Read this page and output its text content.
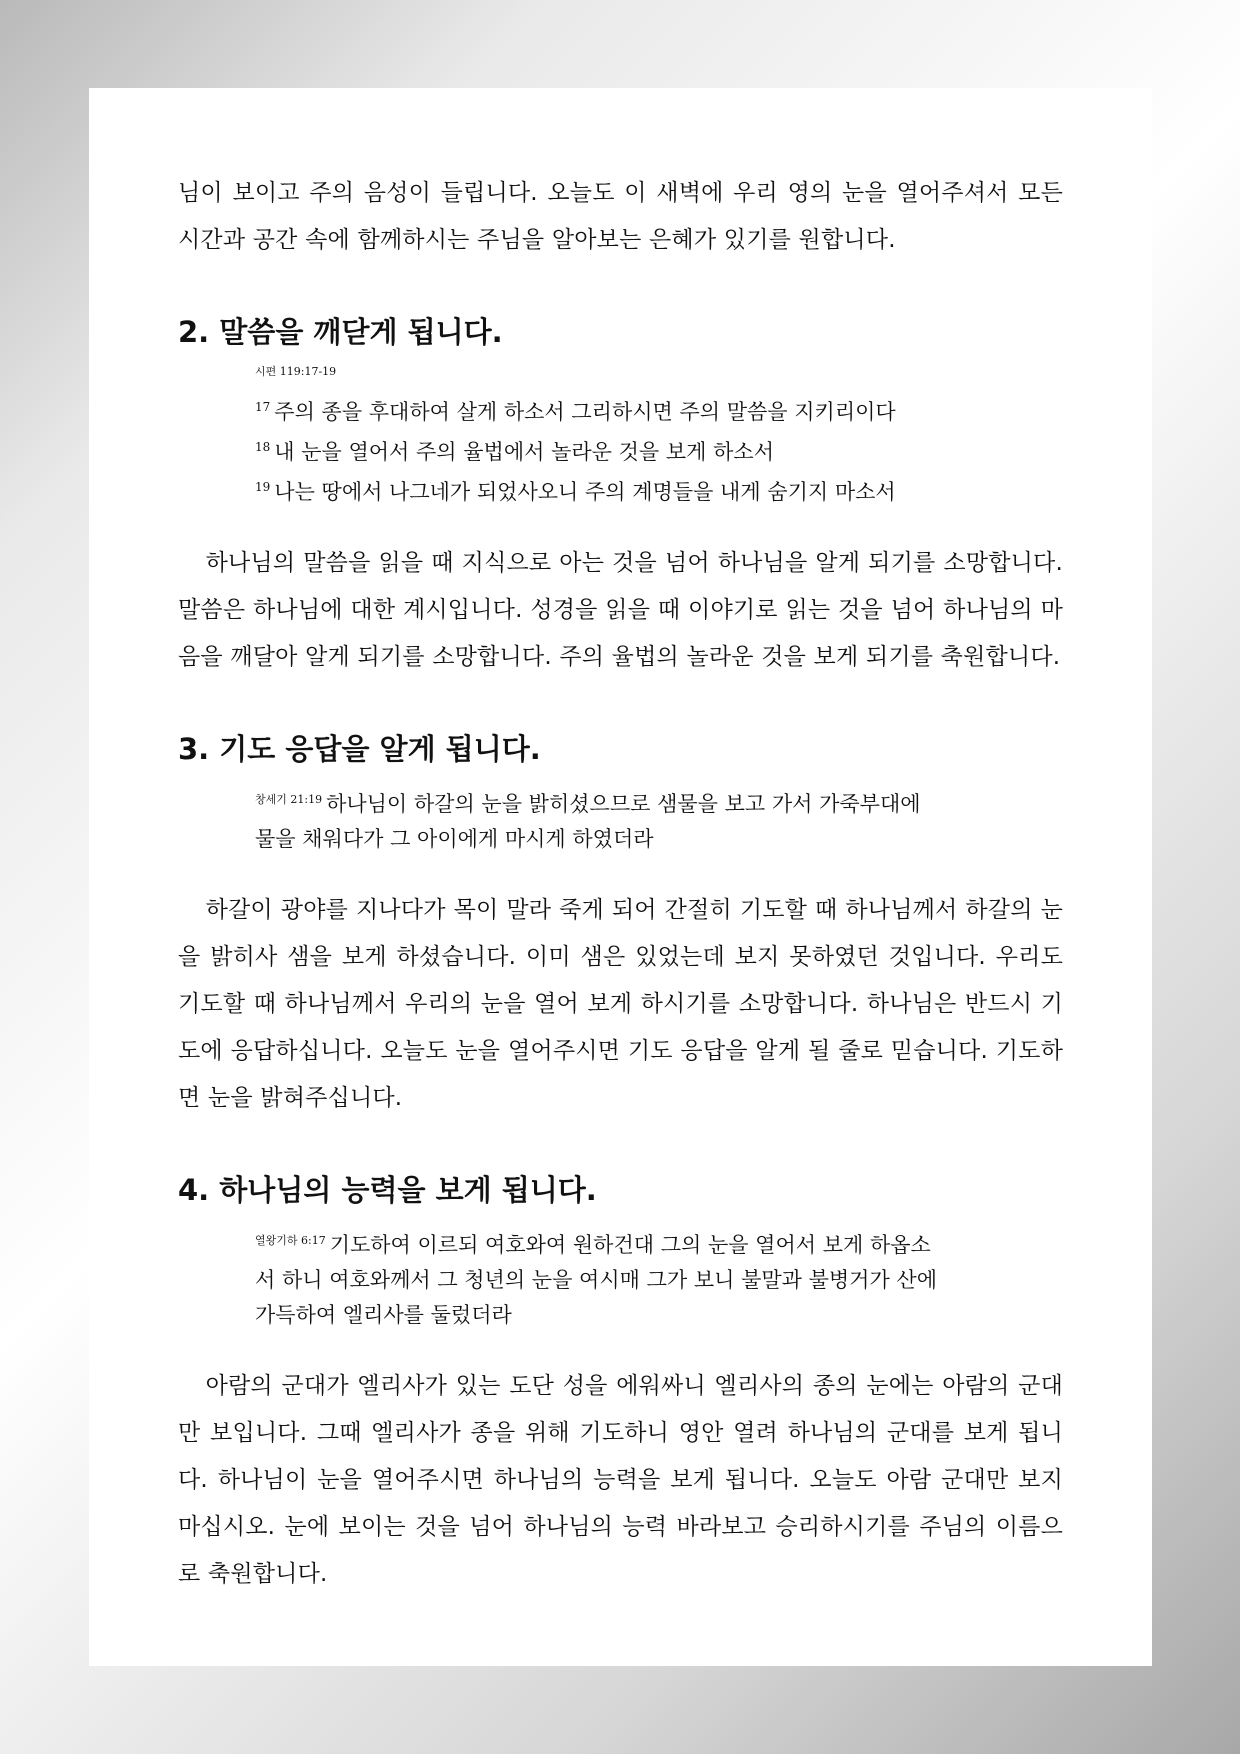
님이 보이고 주의 음성이 들립니다. 오늘도 이 새벽에 우리 영의 눈을 열어주셔서 모든 시간과 공간 속에 함께하시는 주님을 알아보는 은혜가 있기를 원합니다.

2. 말씀을 깨닫게 됩니다.
시편 119:17-19
$^{17}$ 주의 종을 후대하여 살게 하소서 그리하시면 주의 말씀을 지키리이다
$^{18}$ 내 눈을 열어서 주의 율법에서 놀라운 것을 보게 하소서
$^{19}$ 나는 땅에서 나그네가 되었사오니 주의 계명들을 내게 숨기지 마소서

하나님의 말씀을 읽을 때 지식으로 아는 것을 넘어 하나님을 알게 되기를 소망합니다. 말씀은 하나님에 대한 계시입니다. 성경을 읽을 때 이야기로 읽는 것을 넘어 하나님의 마음을 깨달아 알게 되기를 소망합니다. 주의 율법의 놀라운 것을 보게 되기를 축원합니다.

3. 기도 응답을 알게 됩니다.
$^{창세기 21:19}$ 하나님이 하갈의 눈을 밝히셨으므로 샘물을 보고 가서 가죽부대에
물을 채워다가 그 아이에게 마시게 하였더라

하갈이 광야를 지나다가 목이 말라 죽게 되어 간절히 기도할 때 하나님께서 하갈의 눈을 밝히사 샘을 보게 하셨습니다. 이미 샘은 있었는데 보지 못하였던 것입니다. 우리도 기도할 때 하나님께서 우리의 눈을 열어 보게 하시기를 소망합니다. 하나님은 반드시 기도에 응답하십니다. 오늘도 눈을 열어주시면 기도 응답을 알게 될 줄로 믿습니다. 기도하면 눈을 밝혀주십니다.

4. 하나님의 능력을 보게 됩니다.
$^{열왕기하 6:17}$ 기도하여 이르되 여호와여 원하건대 그의 눈을 열어서 보게 하옵소
서 하니 여호와께서 그 청년의 눈을 여시매 그가 보니 불말과 불병거가 산에
가득하여 엘리사를 둘렀더라

아람의 군대가 엘리사가 있는 도단 성을 에워싸니 엘리사의 종의 눈에는 아람의 군대만 보입니다. 그때 엘리사가 종을 위해 기도하니 영안 열려 하나님의 군대를 보게 됩니다. 하나님이 눈을 열어주시면 하나님의 능력을 보게 됩니다. 오늘도 아람 군대만 보지 마십시오. 눈에 보이는 것을 넘어 하나님의 능력 바라보고 승리하시기를 주님의 이름으로 축원합니다.
